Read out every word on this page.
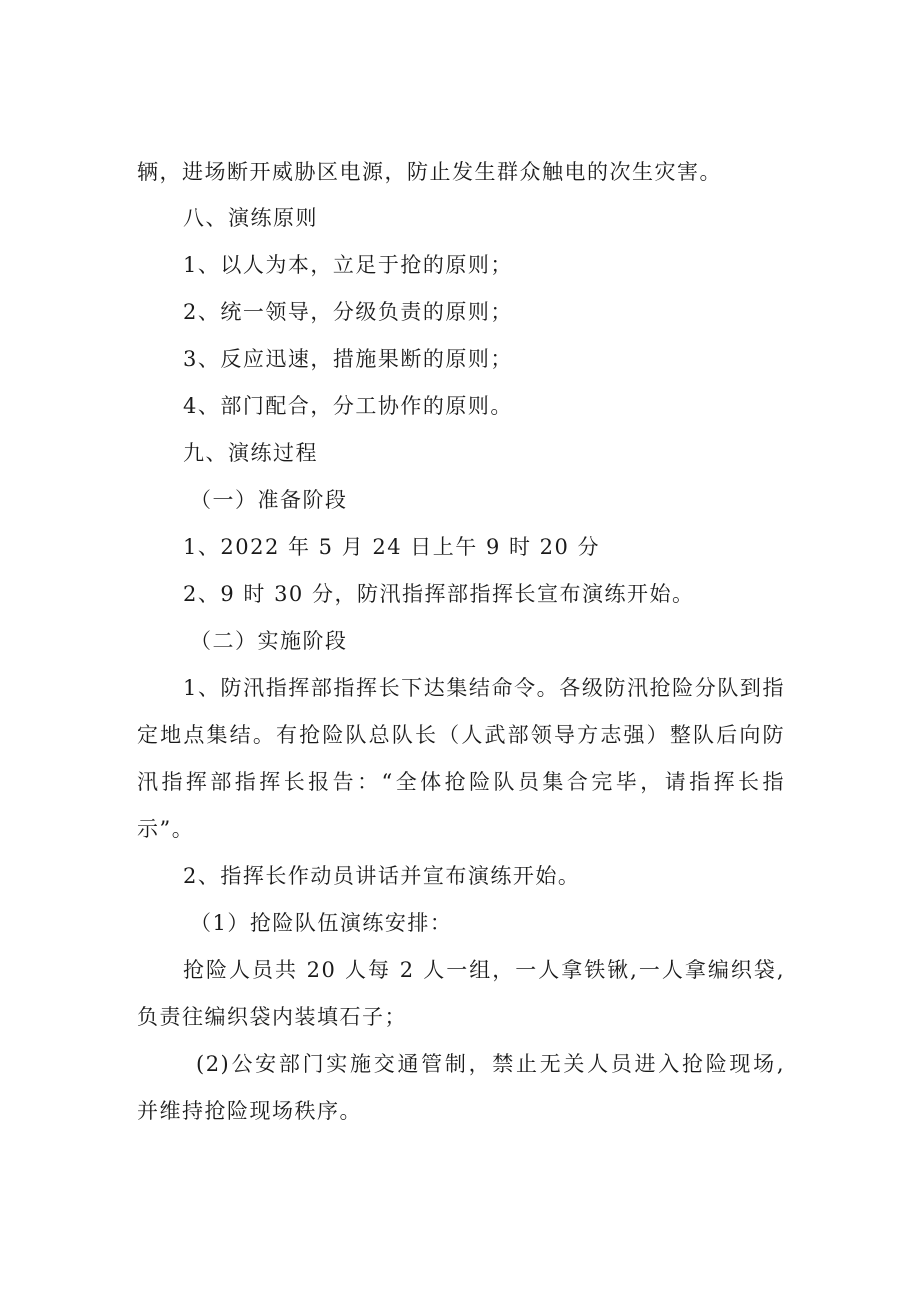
辆，进场断开威胁区电源，防止发生群众触电的次生灾害。
八、演练原则
1、以人为本，立足于抢的原则；
2、统一领导，分级负责的原则；
3、反应迅速，措施果断的原则；
4、部门配合，分工协作的原则。
九、演练过程
（一）准备阶段
1、2022 年 5 月 24 日上午 9 时 20 分
2、9 时 30 分，防汛指挥部指挥长宣布演练开始。
（二）实施阶段
1、防汛指挥部指挥长下达集结命令。各级防汛抢险分队到指
定地点集结。有抢险队总队长（人武部领导方志强）整队后向防
汛指挥部指挥长报告：“全体抢险队员集合完毕，请指挥长指
示”。
2、指挥长作动员讲话并宣布演练开始。
（1）抢险队伍演练安排：
抢险人员共 20 人每 2 人一组，一人拿铁锹,一人拿编织袋,
负责往编织袋内装填石子；
(2)公安部门实施交通管制，禁止无关人员进入抢险现场,
并维持抢险现场秩序。
